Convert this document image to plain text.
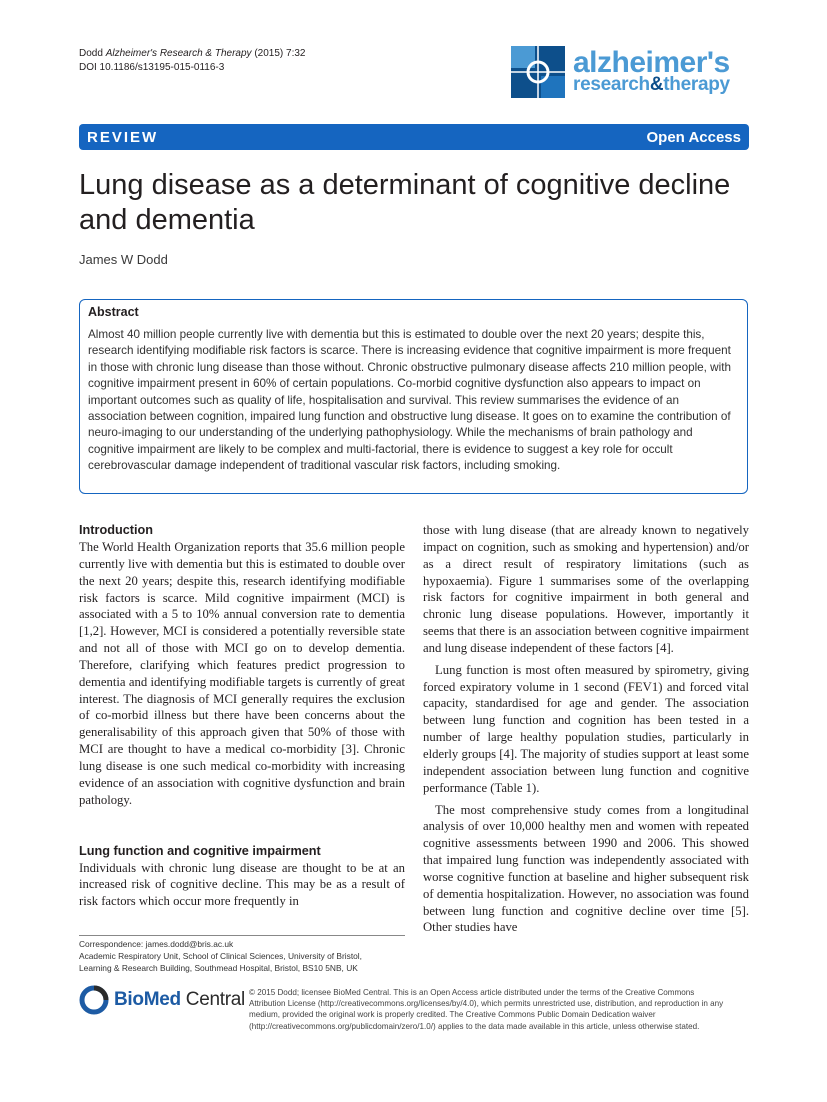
Dodd Alzheimer's Research & Therapy (2015) 7:32
DOI 10.1186/s13195-015-0116-3	alzheimer's
research&therapy
REVIEW	Open Access
Lung disease as a determinant of cognitive decline and dementia
James W Dodd

Abstract

Almost 40 million people currently live with dementia but this is estimated to double over the next 20 years; despite this, research identifying modifiable risk factors is scarce. There is increasing evidence that cognitive impairment is more frequent in those with chronic lung disease than those without. Chronic obstructive pulmonary disease affects 210 million people, with cognitive impairment present in 60% of certain populations. Co-morbid cognitive dysfunction also appears to impact on important outcomes such as quality of life, hospitalisation and survival. This review summarises the evidence of an association between cognition, impaired lung function and obstructive lung disease. It goes on to examine the contribution of neuro-imaging to our understanding of the underlying pathophysiology. While the mechanisms of brain pathology and cognitive impairment are likely to be complex and multi-factorial, there is evidence to suggest a key role for occult cerebrovascular damage independent of traditional vascular risk factors, including smoking.

Introduction

The World Health Organization reports that 35.6 million people currently live with dementia but this is estimated to double over the next 20 years; despite this, research identifying modifiable risk factors is scarce. Mild cognitive impairment (MCI) is associated with a 5 to 10% annual conversion rate to dementia [1,2]. However, MCI is considered a potentially reversible state and not all of those with MCI go on to develop dementia. Therefore, clarifying which features predict progression to dementia and identifying modifiable targets is currently of great interest. The diagnosis of MCI generally requires the exclusion of co-morbid illness but there have been concerns about the generalisability of this approach given that 50% of those with MCI are thought to have a medical co-morbidity [3]. Chronic lung disease is one such medical co-morbidity with increasing evidence of an association with cognitive dysfunction and brain pathology.

Lung function and cognitive impairment

Individuals with chronic lung disease are thought to be at an increased risk of cognitive decline. This may be as a result of risk factors which occur more frequently in

those with lung disease (that are already known to negatively impact on cognition, such as smoking and hypertension) and/or as a direct result of respiratory limitations (such as hypoxaemia). Figure 1 summarises some of the overlapping risk factors for cognitive impairment in both general and chronic lung disease populations. However, importantly it seems that there is an association between cognitive impairment and lung disease independent of these factors [4].

Lung function is most often measured by spirometry, giving forced expiratory volume in 1 second (FEV1) and forced vital capacity, standardised for age and gender. The association between lung function and cognition has been tested in a number of large healthy population studies, particularly in elderly groups [4]. The majority of studies support at least some independent association between lung function and cognitive performance (Table 1).

The most comprehensive study comes from a longitudinal analysis of over 10,000 healthy men and women with repeated cognitive assessments between 1990 and 2006. This showed that impaired lung function was independently associated with worse cognitive function at baseline and higher subsequent risk of dementia hospitalization. However, no association was found between lung function and cognitive decline over time [5]. Other studies have

Correspondence: james.dodd@bris.ac.uk
Academic Respiratory Unit, School of Clinical Sciences, University of Bristol,
Learning & Research Building, Southmead Hospital, Bristol, BS10 5NB, UK
BioMed Central © 2015 Dodd; licensee BioMed Central. This is an Open Access article distributed under the terms of the Creative Commons Attribution License (http://creativecommons.org/licenses/by/4.0), which permits unrestricted use, distribution, and reproduction in any medium, provided the original work is properly credited. The Creative Commons Public Domain Dedication waiver (http://creativecommons.org/publicdomain/zero/1.0/) applies to the data made available in this article, unless otherwise stated.
